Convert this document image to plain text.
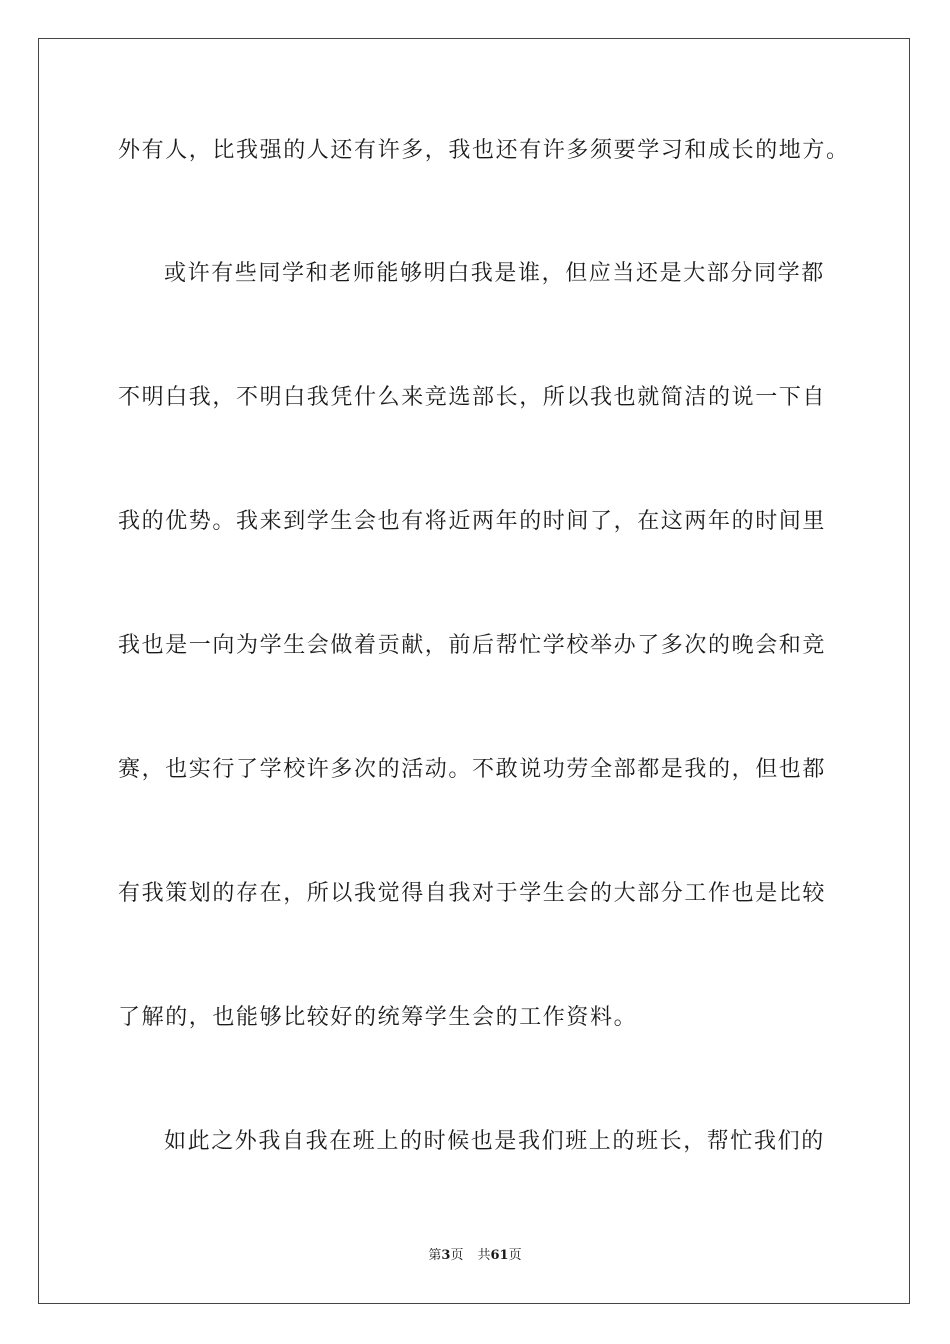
外有人，比我强的人还有许多，我也还有许多须要学习和成长的地方。
或许有些同学和老师能够明白我是谁，但应当还是大部分同学都
不明白我，不明白我凭什么来竞选部长，所以我也就简洁的说一下自
我的优势。我来到学生会也有将近两年的时间了，在这两年的时间里
我也是一向为学生会做着贡献，前后帮忙学校举办了多次的晚会和竞
赛，也实行了学校许多次的活动。不敢说功劳全部都是我的，但也都
有我策划的存在，所以我觉得自我对于学生会的大部分工作也是比较
了解的，也能够比较好的统筹学生会的工作资料。
如此之外我自我在班上的时候也是我们班上的班长，帮忙我们的
第3页 共61页
